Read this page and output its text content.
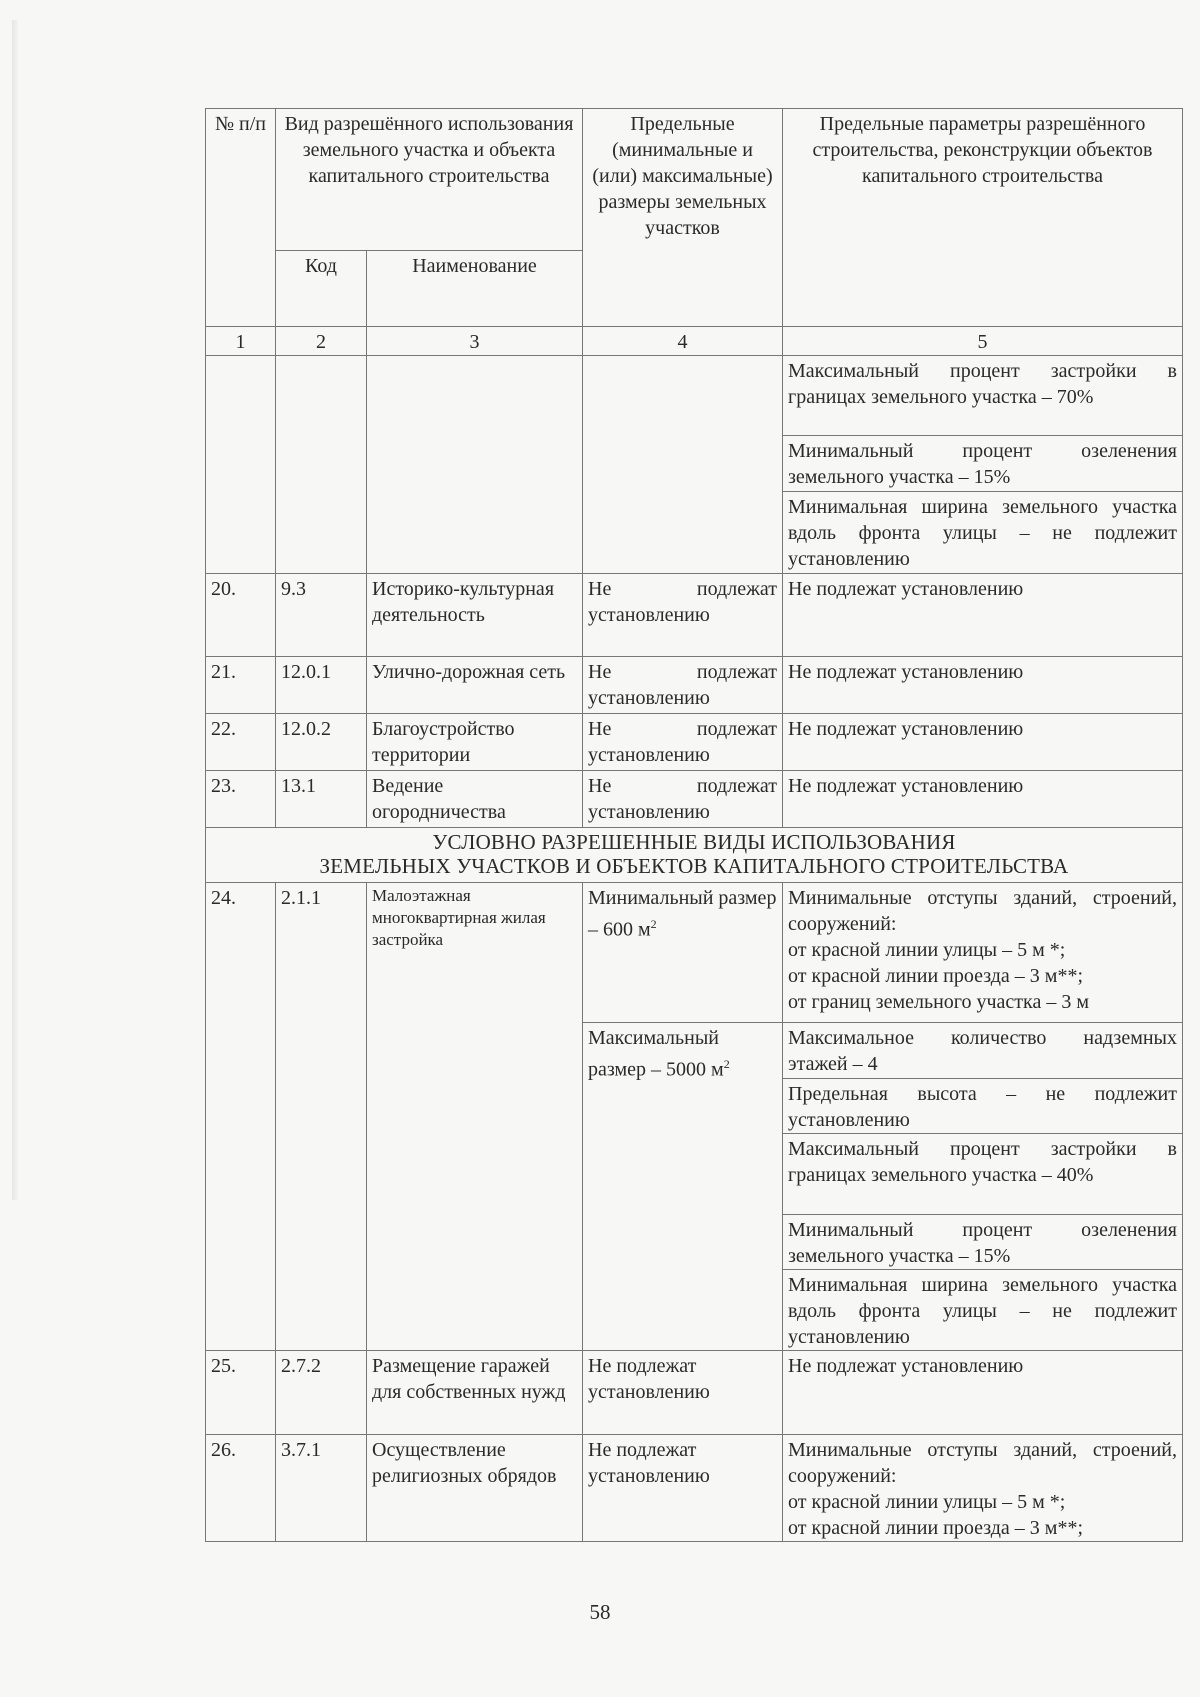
№ п/п	Вид разрешённого использования земельного участка и объекта капитального строительства		Предельные (минимальные и (или) максимальные) размеры земельных участков	Предельные параметры разрешённого строительства, реконструкции объектов капитального строительства
	Код	Наименование		
1	2	3	4	5
				Максимальный процент застройки в границах земельного участка – 70%
				Минимальный процент озеленения земельного участка – 15%
				Минимальная ширина земельного участка вдоль фронта улицы – не подлежит установлению
20.	9.3	Историко-культурная деятельность	Не подлежат установлению	Не подлежат установлению
21.	12.0.1	Улично-дорожная сеть	Не подлежат установлению	Не подлежат установлению
22.	12.0.2	Благоустройство территории	Не подлежат установлению	Не подлежат установлению
23.	13.1	Ведение огородничества	Не подлежат установлению	Не подлежат установлению

УСЛОВНО РАЗРЕШЕННЫЕ ВИДЫ ИСПОЛЬЗОВАНИЯ
ЗЕМЕЛЬНЫХ УЧАСТКОВ И ОБЪЕКТОВ КАПИТАЛЬНОГО СТРОИТЕЛЬСТВА				

24.	2.1.1	Малоэтажная многоквартирная жилая застройка	Минимальный размер – 600 $м^2$	Минимальные отступы зданий, строений, сооружений:
от красной линии улицы – 5 м *;
от красной линии проезда – 3 м**;
от границ земельного участка – 3 м

			Максимальный размер – 5000 $м^2$	Максимальное количество надземных этажей – 4
				Предельная высота – не подлежит установлению
				Максимальный процент застройки в границах земельного участка – 40%
				Минимальный процент озеленения земельного участка – 15%
				Минимальная ширина земельного участка вдоль фронта улицы – не подлежит установлению
25.	2.7.2	Размещение гаражей для собственных нужд	Не подлежат установлению	Не подлежат установлению
26.	3.7.1	Осуществление религиозных обрядов	Не подлежат установлению	Минимальные отступы зданий, строений, сооружений:
от красной линии улицы – 5 м *;
от красной линии проезда – 3 м**;
58
